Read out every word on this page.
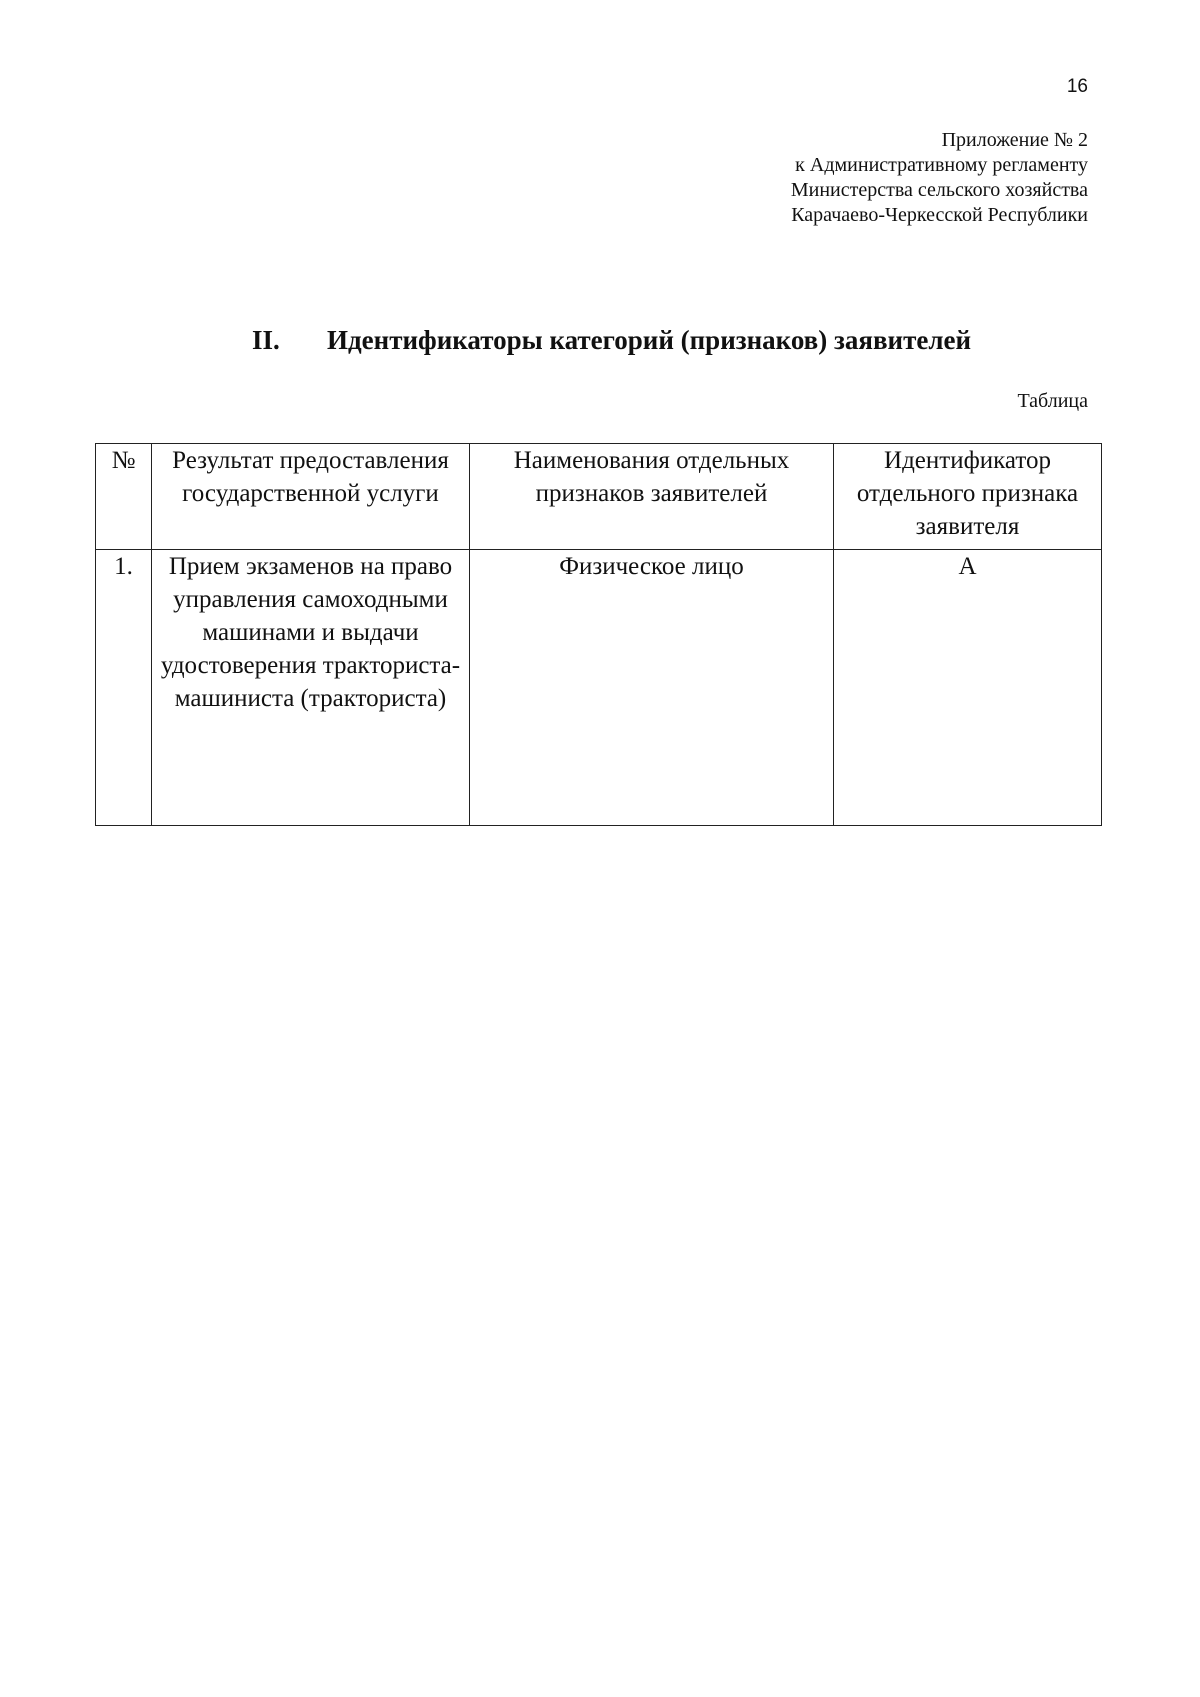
16
Приложение № 2
к Административному регламенту
Министерства сельского хозяйства
Карачаево-Черкесской Республики
II. Идентификаторы категорий (признаков) заявителей
Таблица
№	Результат предоставления государственной услуги	Наименования отдельных признаков заявителей	Идентификатор отдельного признака заявителя
1.	Прием экзаменов на право управления самоходными машинами и выдачи удостоверения тракториста-машиниста (тракториста)	Физическое лицо	А
